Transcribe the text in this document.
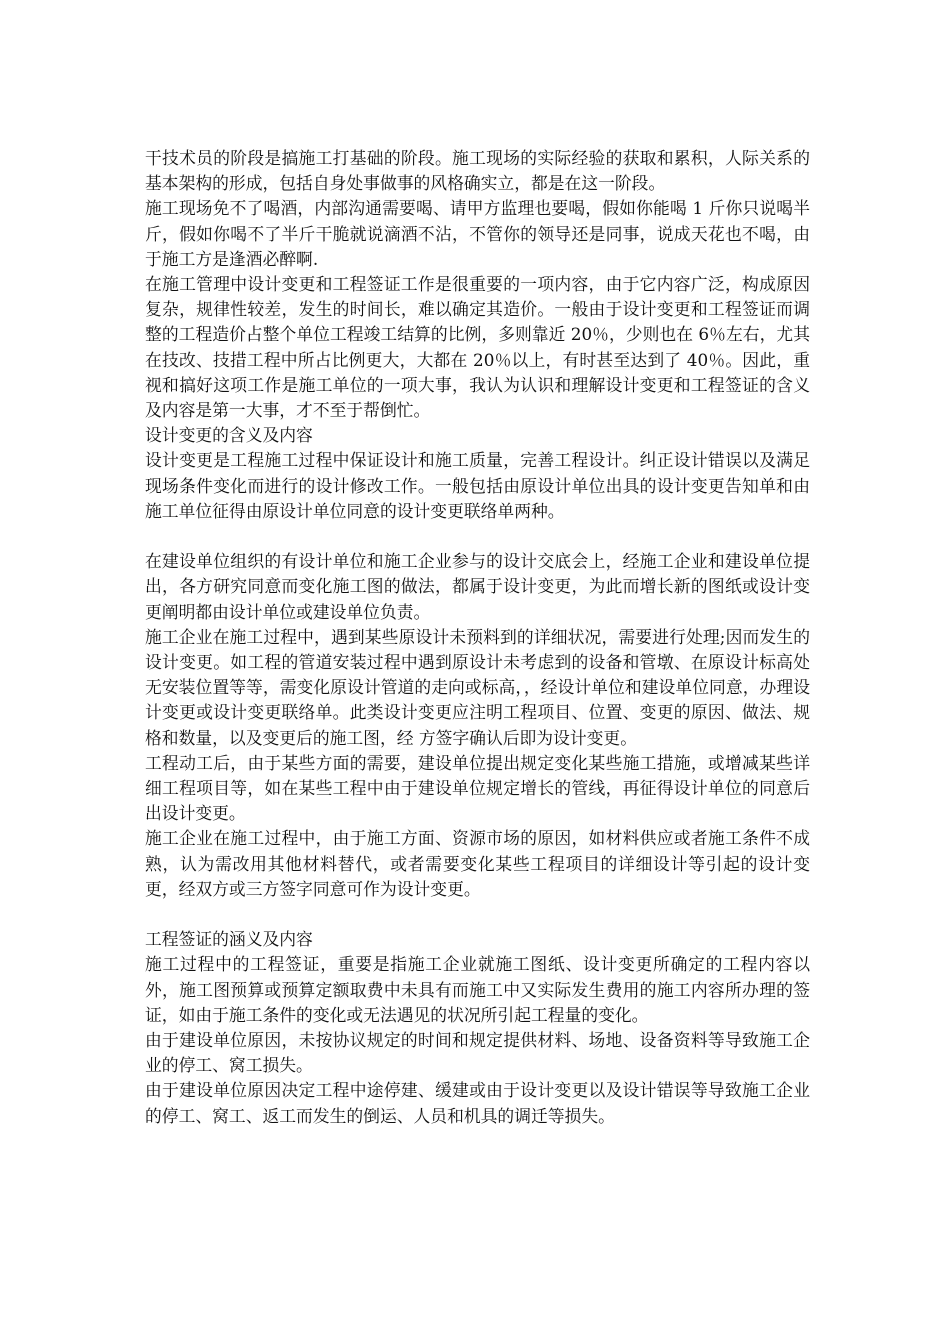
干技术员的阶段是搞施工打基础的阶段。施工现场的实际经验的获取和累积，人际关系的基本架构的形成，包括自身处事做事的风格确实立，都是在这一阶段。

施工现场免不了喝酒，内部沟通需要喝、请甲方监理也要喝，假如你能喝 1 斤你只说喝半斤，假如你喝不了半斤干脆就说滴酒不沾，不管你的领导还是同事，说成天花也不喝，由于施工方是逢酒必醉啊.

在施工管理中设计变更和工程签证工作是很重要的一项内容，由于它内容广泛，构成原因复杂，规律性较差，发生的时间长，难以确定其造价。一般由于设计变更和工程签证而调整的工程造价占整个单位工程竣工结算的比例，多则靠近 20％，少则也在 6％左右，尤其在技改、技措工程中所占比例更大，大都在 20％以上，有时甚至达到了 40％。因此，重视和搞好这项工作是施工单位的一项大事，我认为认识和理解设计变更和工程签证的含义及内容是第一大事，才不至于帮倒忙。

设计变更的含义及内容

设计变更是工程施工过程中保证设计和施工质量，完善工程设计。纠正设计错误以及满足现场条件变化而进行的设计修改工作。一般包括由原设计单位出具的设计变更告知单和由施工单位征得由原设计单位同意的设计变更联络单两种。

在建设单位组织的有设计单位和施工企业参与的设计交底会上，经施工企业和建设单位提出，各方研究同意而变化施工图的做法，都属于设计变更，为此而增长新的图纸或设计变更阐明都由设计单位或建设单位负责。

施工企业在施工过程中，遇到某些原设计未预料到的详细状况，需要进行处理;因而发生的设计变更。如工程的管道安装过程中遇到原设计未考虑到的设备和管墩、在原设计标高处无安装位置等等，需变化原设计管道的走向或标高，，经设计单位和建设单位同意，办理设计变更或设计变更联络单。此类设计变更应注明工程项目、位置、变更的原因、做法、规格和数量，以及变更后的施工图，经 方签字确认后即为设计变更。

工程动工后，由于某些方面的需要，建设单位提出规定变化某些施工措施，或增减某些详细工程项目等，如在某些工程中由于建设单位规定增长的管线，再征得设计单位的同意后出设计变更。

施工企业在施工过程中，由于施工方面、资源市场的原因，如材料供应或者施工条件不成熟，认为需改用其他材料替代，或者需要变化某些工程项目的详细设计等引起的设计变更，经双方或三方签字同意可作为设计变更。

工程签证的涵义及内容

施工过程中的工程签证，重要是指施工企业就施工图纸、设计变更所确定的工程内容以外，施工图预算或预算定额取费中未具有而施工中又实际发生费用的施工内容所办理的签证，如由于施工条件的变化或无法遇见的状况所引起工程量的变化。

由于建设单位原因，未按协议规定的时间和规定提供材料、场地、设备资料等导致施工企业的停工、窝工损失。

由于建设单位原因决定工程中途停建、缓建或由于设计变更以及设计错误等导致施工企业的停工、窝工、返工而发生的倒运、人员和机具的调迁等损失。
